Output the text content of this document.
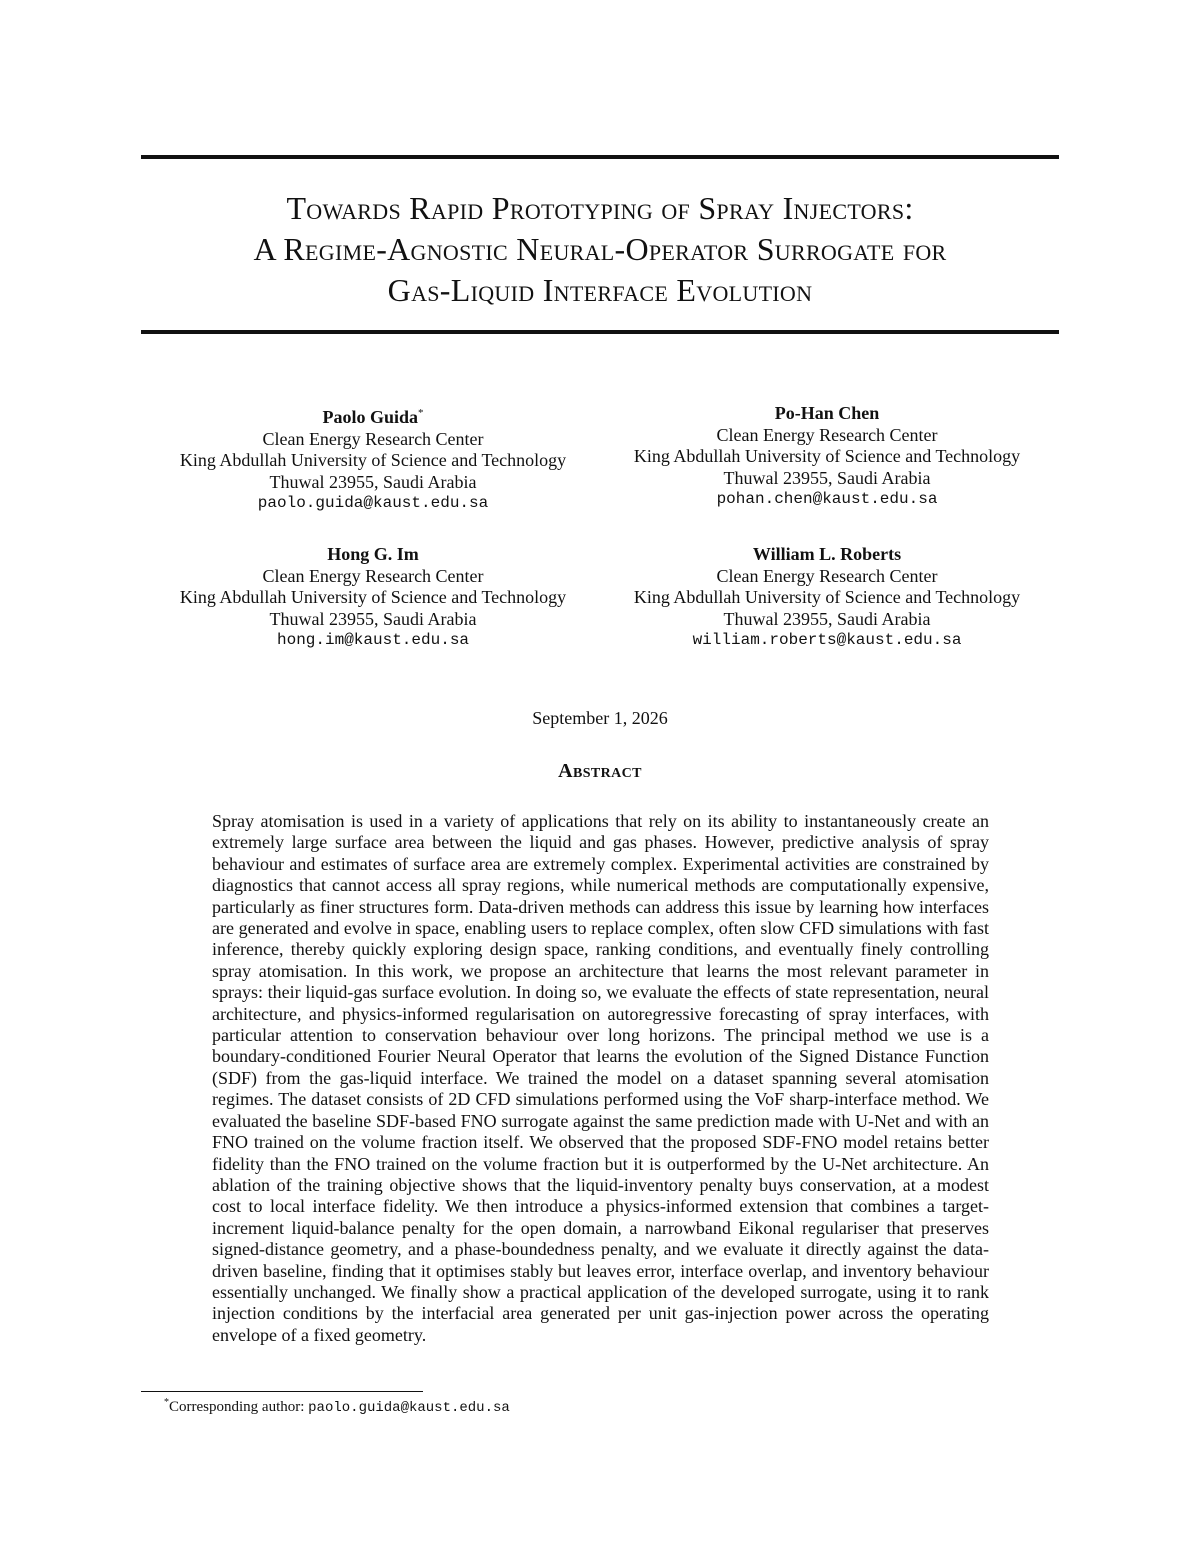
Towards Rapid Prototyping of Spray Injectors:
A Regime-Agnostic Neural-Operator Surrogate for
Gas-Liquid Interface Evolution
Paolo Guida*
Clean Energy Research Center
King Abdullah University of Science and Technology
Thuwal 23955, Saudi Arabia
paolo.guida@kaust.edu.sa
Po-Han Chen
Clean Energy Research Center
King Abdullah University of Science and Technology
Thuwal 23955, Saudi Arabia
pohan.chen@kaust.edu.sa
Hong G. Im
Clean Energy Research Center
King Abdullah University of Science and Technology
Thuwal 23955, Saudi Arabia
hong.im@kaust.edu.sa
William L. Roberts
Clean Energy Research Center
King Abdullah University of Science and Technology
Thuwal 23955, Saudi Arabia
william.roberts@kaust.edu.sa
September 1, 2026
Abstract
Spray atomisation is used in a variety of applications that rely on its ability to instantaneously create an extremely large surface area between the liquid and gas phases. However, predictive analysis of spray behaviour and estimates of surface area are extremely complex. Experimental activities are constrained by diagnostics that cannot access all spray regions, while numerical methods are computationally expensive, particularly as finer structures form. Data-driven methods can address this issue by learning how interfaces are generated and evolve in space, enabling users to replace complex, often slow CFD simulations with fast inference, thereby quickly exploring design space, ranking conditions, and eventually finely controlling spray atomisation. In this work, we propose an architecture that learns the most relevant parameter in sprays: their liquid-gas surface evolution. In doing so, we evaluate the effects of state representation, neural architecture, and physics-informed regularisation on autoregressive forecasting of spray interfaces, with particular attention to conservation behaviour over long horizons. The principal method we use is a boundary-conditioned Fourier Neural Operator that learns the evolution of the Signed Distance Function (SDF) from the gas-liquid interface. We trained the model on a dataset spanning several atomisation regimes. The dataset consists of 2D CFD simulations performed using the VoF sharp-interface method. We evaluated the baseline SDF-based FNO surrogate against the same prediction made with U-Net and with an FNO trained on the volume fraction itself. We observed that the proposed SDF-FNO model retains better fidelity than the FNO trained on the volume fraction but it is outperformed by the U-Net architecture. An ablation of the training objective shows that the liquid-inventory penalty buys conservation, at a modest cost to local interface fidelity. We then introduce a physics-informed extension that combines a target-increment liquid-balance penalty for the open domain, a narrowband Eikonal regulariser that preserves signed-distance geometry, and a phase-boundedness penalty, and we evaluate it directly against the data-driven baseline, finding that it optimises stably but leaves error, interface overlap, and inventory behaviour essentially unchanged. We finally show a practical application of the developed surrogate, using it to rank injection conditions by the interfacial area generated per unit gas-injection power across the operating envelope of a fixed geometry.
*Corresponding author: paolo.guida@kaust.edu.sa
